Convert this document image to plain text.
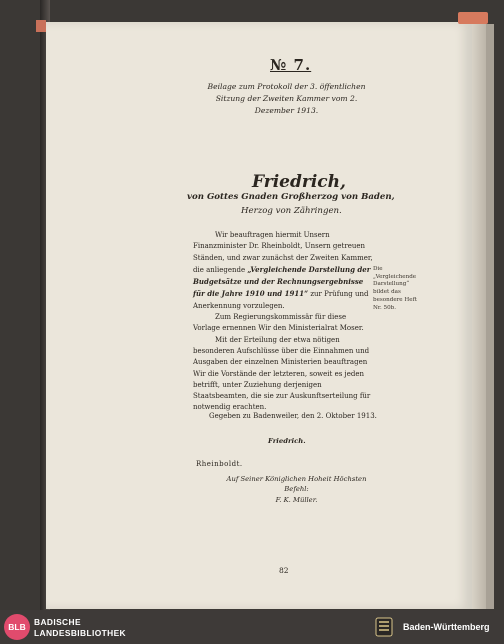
№ 7.
Beilage zum Protokoll der 3. öffentlichen Sitzung der Zweiten Kammer vom 2. Dezember 1913.
Friedrich,
von Gottes Gnaden Großherzog von Baden,
Herzog von Zähringen.

Wir beauftragen hiermit Unsern Finanzminister Dr. Rheinboldt, Unsern getreuen Ständen, und zwar zunächst der Zweiten Kammer, die anliegende „Vergleichende Darstellung der Budgetsätze und der Rechnungsergebnisse für die Jahre 1910 und 1911“ zur Prüfung und Anerkennung vorzulegen.

Zum Regierungskommissär für diese Vorlage ernennen Wir den Ministerialrat Moser.

Mit der Erteilung der etwa nötigen besonderen Aufschlüsse über die Einnahmen und Ausgaben der einzelnen Ministerien beauftragen Wir die Vorstände der letzteren, soweit es jeden betrifft, unter Zuziehung derjenigen Staatsbeamten, die sie zur Auskunftserteilung für notwendig erachten.

Die „Vergleichende Darstellung“ bildet das besondere Heft Nr. 50b.
Gegeben zu Badenweiler, den 2. Oktober 1913.
Friedrich.
Rheinboldt.
Auf Seiner Königlichen Hoheit Höchsten Befehl:
F. K. Müller.
82
BLB BADISCHE
LANDESBIBLIOTHEK
Baden-Württemberg
